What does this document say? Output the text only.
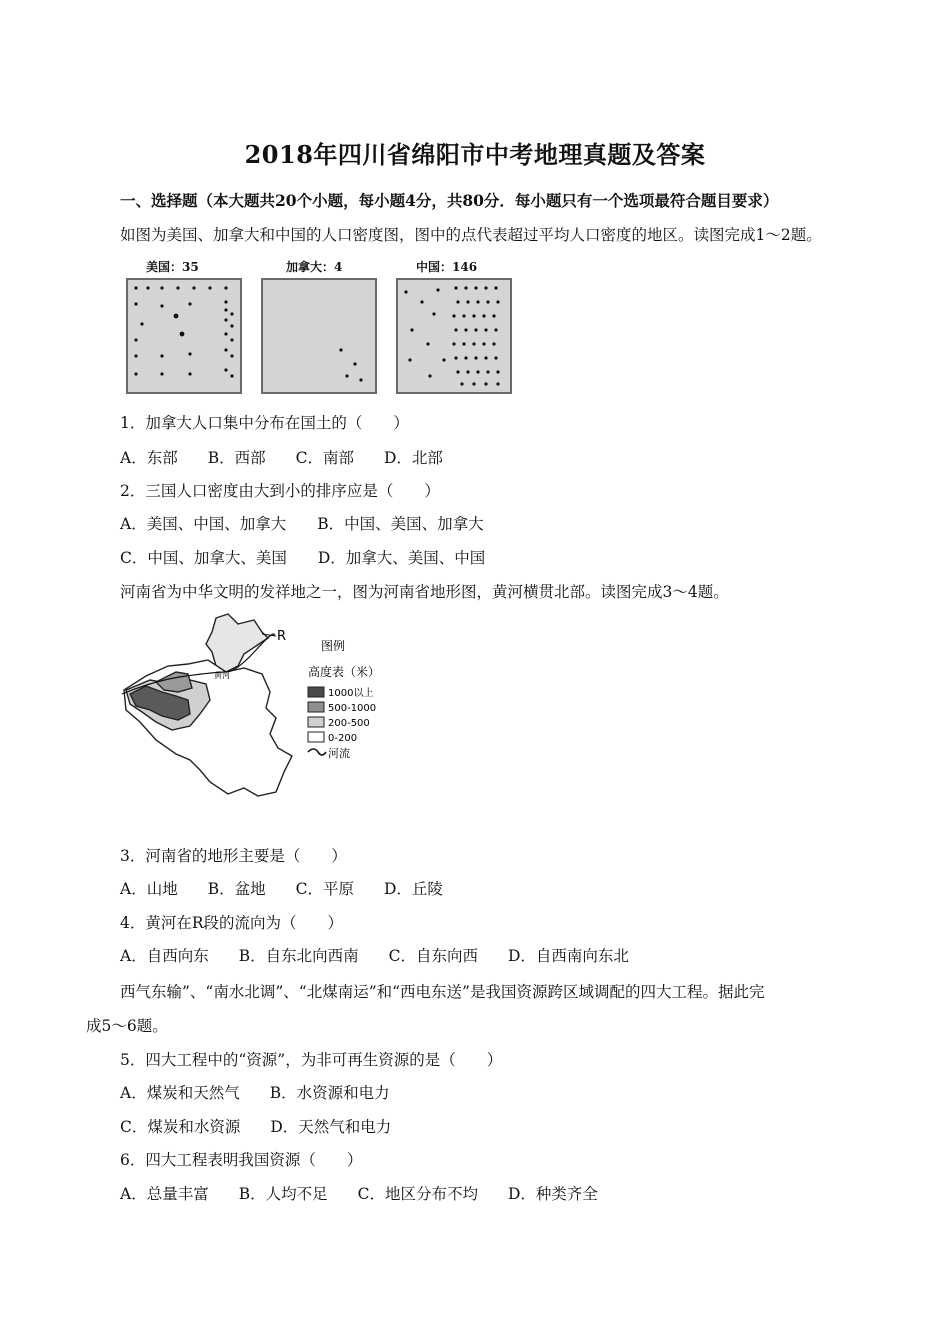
2018年四川省绵阳市中考地理真题及答案
一、选择题（本大题共20个小题，每小题4分，共80分．每小题只有一个选项最符合题目要求）
如图为美国、加拿大和中国的人口密度图，图中的点代表超过平均人口密度的地区。读图完成1～2题。
美国：35	加拿大：4	中国：146
1．加拿大人口集中分布在国土的（　　）
A．东部 B．西部 C．南部 D．北部
2．三国人口密度由大到小的排序应是（　　）
A．美国、中国、加拿大　　B．中国、美国、加拿大
C．中国、加拿大、美国　　D．加拿大、美国、中国
河南省为中华文明的发祥地之一，图为河南省地形图，黄河横贯北部。读图完成3～4题。
R
黄河
图例
高度表（米）
1000以上
500-1000
200-500
0-200
河流
3．河南省的地形主要是（　　）
A．山地 B．盆地 C．平原 D．丘陵
4．黄河在R段的流向为（　　）
A．自西向东 B．自东北向西南 C．自东向西 D．自西南向东北
西气东输”、“南水北调”、“北煤南运”和“西电东送”是我国资源跨区域调配的四大工程。据此完
成5～6题。
5．四大工程中的“资源”，为非可再生资源的是（　　）
A．煤炭和天然气 B．水资源和电力
C．煤炭和水资源 D．天然气和电力
6．四大工程表明我国资源（　　）
A．总量丰富 B．人均不足 C．地区分布不均 D．种类齐全
